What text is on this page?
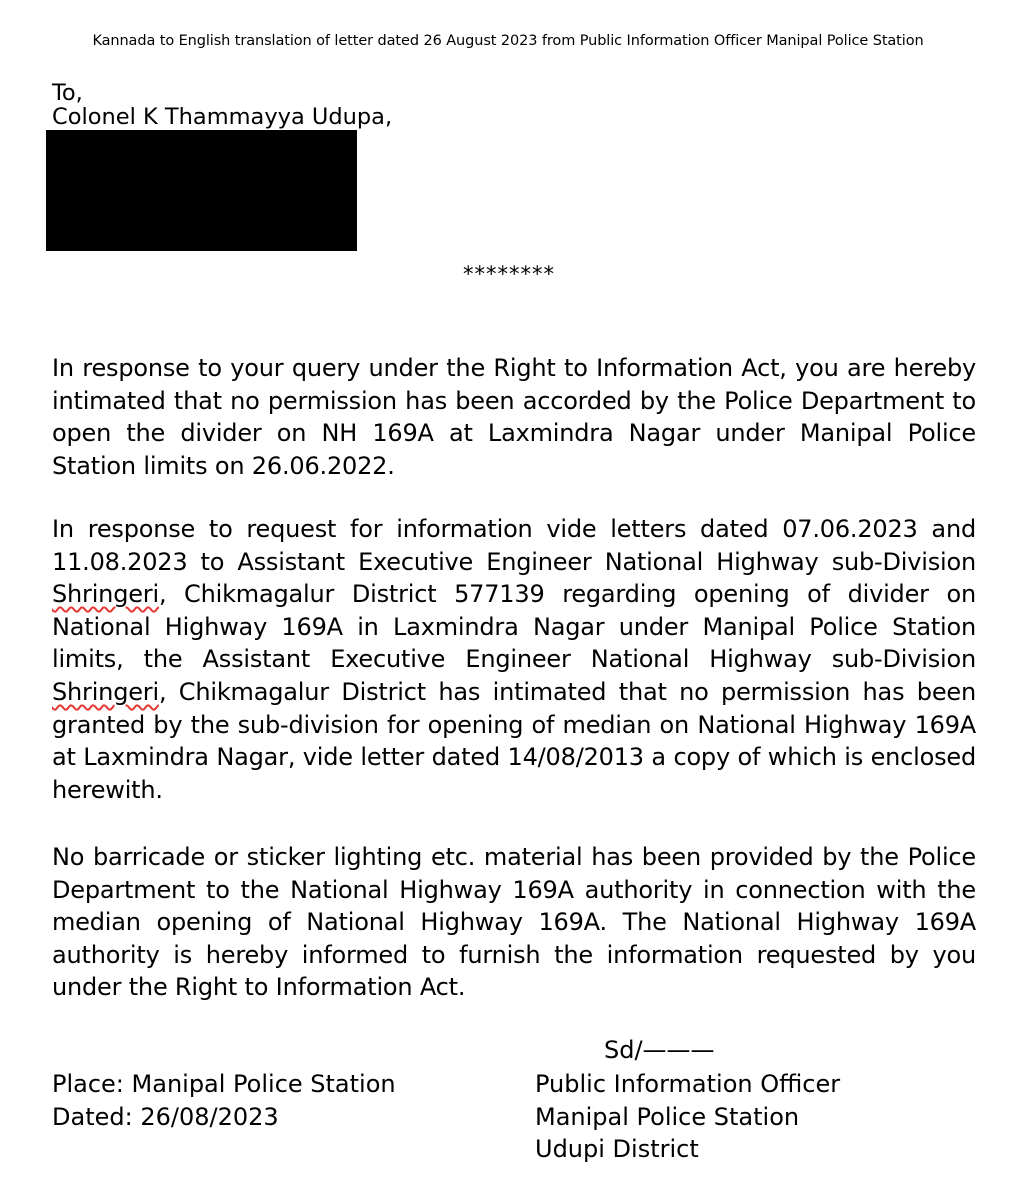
Kannada to English translation of letter dated 26 August 2023 from Public Information Officer Manipal Police Station
To,
Colonel K Thammayya Udupa,
********
In response to your query under the Right to Information Act, you are hereby intimated that no permission has been accorded by the Police Department to open the divider on NH 169A at Laxmindra Nagar under Manipal Police Station limits on 26.06.2022.
In response to request for information vide letters dated 07.06.2023 and 11.08.2023 to Assistant Executive Engineer National Highway sub-Division Shringeri, Chikmagalur District 577139 regarding opening of divider on National Highway 169A in Laxmindra Nagar under Manipal Police Station limits, the Assistant Executive Engineer National Highway sub-Division Shringeri, Chikmagalur District has intimated that no permission has been granted by the sub-division for opening of median on National Highway 169A at Laxmindra Nagar, vide letter dated 14/08/2013 a copy of which is enclosed herewith.
No barricade or sticker lighting etc. material has been provided by the Police Department to the National Highway 169A authority in connection with the median opening of National Highway 169A. The National Highway 169A authority is hereby informed to furnish the information requested by you under the Right to Information Act.
Sd/———
Place: Manipal Police Station
Dated: 26/08/2023
Public Information Officer
Manipal Police Station
Udupi District
